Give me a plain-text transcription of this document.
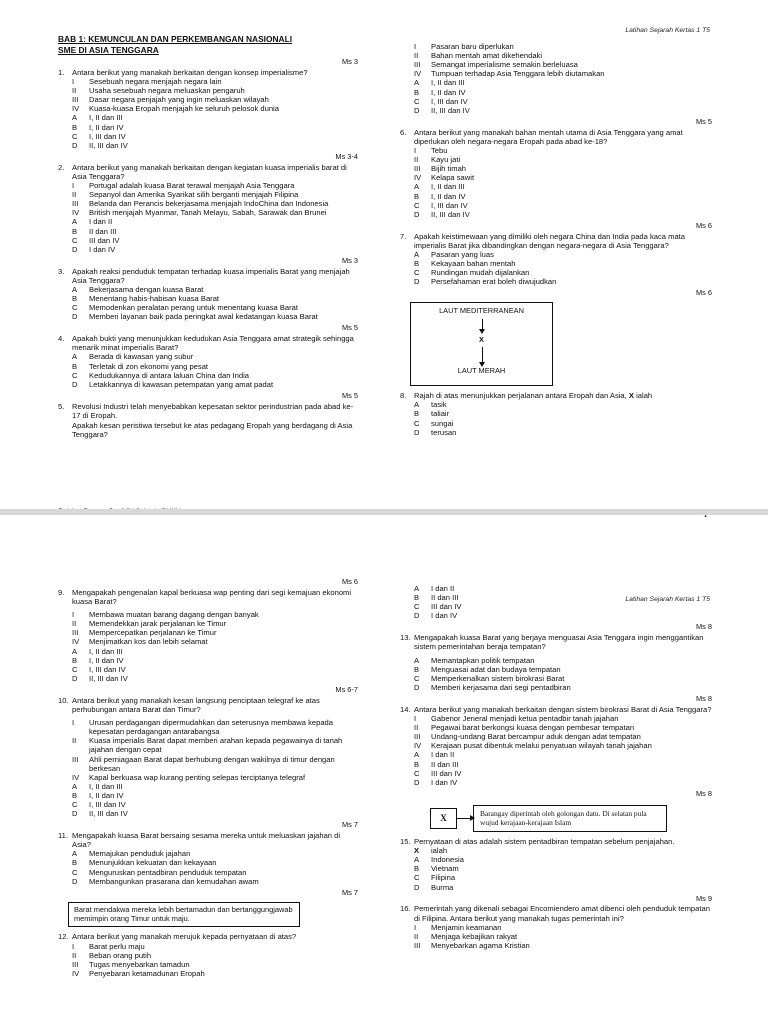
Latihan Sejarah Kertas 1 T5
BAB 1: KEMUNCULAN DAN PERKEMBANGAN NASIONALI
SME DI ASIA TENGGARA
Ms 3
1.	Antara berikut yang manakah berkaitan dengan konsep imperialisme?
I	Sesebuah negara menjajah negara lain
II	Usaha sesebuah negara meluaskan pengaruh
III	Dasar negara penjajah yang ingin meluaskan wilayah
IV	Kuasa-kuasa Eropah menjajah ke seluruh pelosok dunia
A	I, II dan III
B	I, II dan IV
C	I, III dan IV
D	II, III dan IV
Ms 3-4
2.	Antara berikut yang manakah berkaitan dengan kegiatan kuasa imperialis barat di Asia Tenggara?
I	Portugal adalah kuasa Barat terawal menjajah Asia Tenggara
II	Sepanyol dan Amerika Syarikat silih berganti menjajah Filipina
III	Belanda dan Perancis bekerjasama menjajah IndoChina dan Indonesia
IV	British menjajah Myanmar, Tanah Melayu, Sabah, Sarawak dan Brunei
A	I dan II
B	II dan III
C	III dan IV
D	I dan IV
Ms 3
3.	Apakah reaksi penduduk tempatan terhadap kuasa imperialis Barat yang menjajah Asia Tenggara?
A	Bekerjasama dengan kuasa Barat
B	Menentang habis-habisan kuasa Barat
C	Memodenkan peralatan perang untuk menentang kuasa Barat
D	Memberi layanan baik pada peringkat awal kedatangan kuasa Barat
Ms 5
4.	Apakah bukti yang menunjukkan kedudukan Asia Tenggara amat strategik sehingga menarik minat imperialis Barat?
A	Berada di kawasan yang subur
B	Terletak di zon ekonomi yang pesat
C	Kedudukannya di antara laluan China dan India
D	Letakkannya di kawasan petempatan yang amat padat
Ms 5
5.	Revolusi Industri telah menyebabkan kepesatan sektor perindustrian pada abad ke-17 di Eropah.
Apakah kesan peristiwa tersebut ke atas pedagang Eropah yang berdagang di Asia Tenggara?
I	Pasaran baru diperlukan
II	Bahan mentah amat dikehendaki
III	Semangat imperialisme semakin berleluasa
IV	Tumpuan terhadap Asia Tenggara lebih diutamakan
A	I, II dan III
B	I, II dan IV
C	I, III dan IV
D	II, III dan IV
Ms 5
6.	Antara berikut yang manakah bahan mentah utama di Asia Tenggara yang amat diperlukan oleh negara-negara Eropah pada abad ke-18?
I	Tebu
II	Kayu jati
III	Bijih timah
IV	Kelapa sawit
A	I, II dan III
B	I, II dan IV
C	I, III dan IV
D	II, III dan IV
Ms 6
7.	Apakah keistimewaan yang dimiliki oleh negara China dan India pada kaca mata imperialis Barat jika dibandingkan dengan negara-negara di Asia Tenggara?
A	Pasaran yang luas
B	Kekayaan bahan mentah
C	Rundingan mudah dijalankan
D	Persefahaman erat boleh diwujudkan
Ms 6
LAUT MEDITERRANEAN
X
LAUT MERAH
8.	Rajah di atas menunjukkan perjalanan antara Eropah dan Asia, X ialah
A	tasik
B	taliair
C	sungai
D	terusan
Latihan Sejarah Kertas 1 T5
Ms 6
9.	Mengapakah pengenalan kapal berkuasa wap penting dari segi kemajuan ekonomi kuasa Barat?
I	Membawa muatan barang dagang dengan banyak
II	Memendekkan jarak perjalanan ke Timur
III	Mempercepatkan perjalanan ke Timur
IV	Menjimatkan kos dan lebih selamat
A	I, II dan III
B	I, II dan IV
C	I, III dan IV
D	II, III dan IV
Ms 6-7
10. Antara berikut yang manakah kesan langsung penciptaan telegraf ke atas perhubungan antara Barat dan Timur?
I	Urusan perdagangan dipermudahkan dan seterusnya membawa kepada kepesatan perdagangan antarabangsa
II	Kuasa imperialis Barat dapat memberi arahan kepada pegawainya di tanah jajahan dengan cepat
III	Ahli perniagaan Barat dapat berhubung dengan wakilnya di timur dengan berkesan
IV	Kapal berkuasa wap kurang penting selepas terciptanya telegraf
A	I, II dan III
B	I, II dan IV
C	I, III dan IV
D	II, III dan IV
Ms 7
11. Mengapakah kuasa Barat bersaing sesama mereka untuk meluaskan jajahan di Asia?
A	Memajukan penduduk jajahan
B	Menunjukkan kekuatan dan kekayaan
C	Menguruskan pentadbiran penduduk tempatan
D	Membangunkan prasarana dan kemudahan awam
Ms 7
Barat mendakwa mereka lebih bertamadun dan bertanggungjawab memimpin orang Timur untuk maju.
12. Antara berikut yang manakah merujuk kepada pernyataan di atas?
I	Barat perlu maju
II	Beban orang putih
III	Tugas menyebarkan tamadun
IV	Penyebaran ketamadunan Eropah
A	I dan II
B	II dan III
C	III dan IV
D	I dan IV
Ms 8
13. Mengapakah kuasa Barat yang berjaya menguasai Asia Tenggara ingin menggantikan sistem pemerintahan beraja tempatan?
A	Memantapkan politik tempatan
B	Menguasai adat dan budaya tempatan
C	Memperkenalkan sistem birokrasi Barat
D	Memberi kerjasama dari segi pentadbiran
Ms 8
14. Antara berikut yang manakah berkaitan dengan sistem birokrasi Barat di Asia Tenggara?
I	Gabenor Jeneral menjadi ketua pentadbir tanah jajahan
II	Pegawai barat berkongsi kuasa dengan pembesar tempatan
III	Undang-undang Barat bercampur aduk dengan adat tempatan
IV	Kerajaan pusat dibentuk melalui penyatuan wilayah tanah jajahan
A	I dan II
B	II dan III
C	III dan IV
D	I dan IV
Ms 8
X	Barangay diperintah oleh golongan datu. Di selatan pula wujud kerajaan-kerajaan Islam
15. Pernyataan di atas adalah sistem pentadbiran tempatan sebelum penjajahan.
X	ialah
A	Indonesia
B	Vietnam
C	Filipina
D	Burma
Ms 9
16. Pemerintah yang dikenali sebagai Encomiendero amat dibenci oleh penduduk tempatan di Filipina. Antara berikut yang manakah tugas pemerintah ini?
I	Menjamin keamanan
II	Menjaga kebajikan rakyat
III	Menyebarkan agama Kristian
